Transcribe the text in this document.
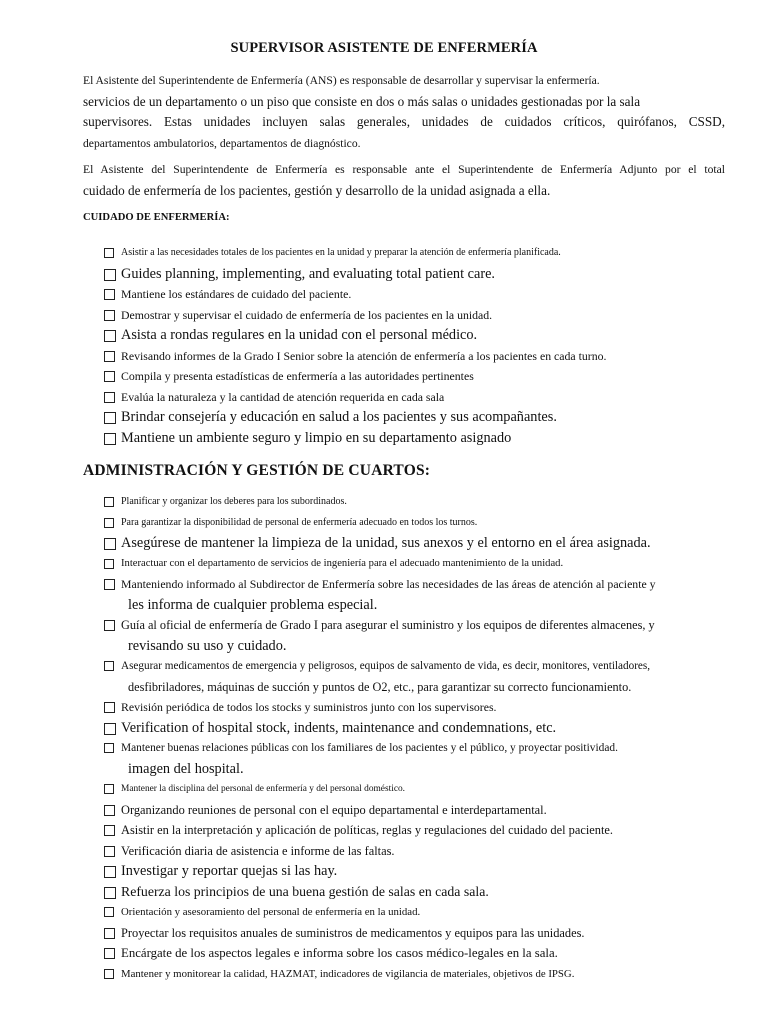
SUPERVISOR ASISTENTE DE ENFERMERÍA
El Asistente del Superintendente de Enfermería (ANS) es responsable de desarrollar y supervisar la enfermería.
servicios de un departamento o un piso que consiste en dos o más salas o unidades gestionadas por la sala
supervisores. Estas unidades incluyen salas generales, unidades de cuidados críticos, quirófanos, CSSD,
departamentos ambulatorios, departamentos de diagnóstico.
El Asistente del Superintendente de Enfermería es responsable ante el Superintendente de Enfermería Adjunto por el total
cuidado de enfermería de los pacientes, gestión y desarrollo de la unidad asignada a ella.
CUIDADO DE ENFERMERÍA:
Asistir a las necesidades totales de los pacientes en la unidad y preparar la atención de enfermería planificada.
Guides planning, implementing, and evaluating total patient care.
Mantiene los estándares de cuidado del paciente.
Demostrar y supervisar el cuidado de enfermería de los pacientes en la unidad.
Asista a rondas regulares en la unidad con el personal médico.
Revisando informes de la Grado I Senior sobre la atención de enfermería a los pacientes en cada turno.
Compila y presenta estadísticas de enfermería a las autoridades pertinentes
Evalúa la naturaleza y la cantidad de atención requerida en cada sala
Brindar consejería y educación en salud a los pacientes y sus acompañantes.
Mantiene un ambiente seguro y limpio en su departamento asignado
ADMINISTRACIÓN Y GESTIÓN DE CUARTOS:
Planificar y organizar los deberes para los subordinados.
Para garantizar la disponibilidad de personal de enfermería adecuado en todos los turnos.
Asegúrese de mantener la limpieza de la unidad, sus anexos y el entorno en el área asignada.
Interactuar con el departamento de servicios de ingeniería para el adecuado mantenimiento de la unidad.
Manteniendo informado al Subdirector de Enfermería sobre las necesidades de las áreas de atención al paciente y
les informa de cualquier problema especial.
Guía al oficial de enfermería de Grado I para asegurar el suministro y los equipos de diferentes almacenes, y
revisando su uso y cuidado.
Asegurar medicamentos de emergencia y peligrosos, equipos de salvamento de vida, es decir, monitores, ventiladores,
desfibriladores, máquinas de succión y puntos de O2, etc., para garantizar su correcto funcionamiento.
Revisión periódica de todos los stocks y suministros junto con los supervisores.
Verification of hospital stock, indents, maintenance and condemnations, etc.
Mantener buenas relaciones públicas con los familiares de los pacientes y el público, y proyectar positividad.
imagen del hospital.
Mantener la disciplina del personal de enfermería y del personal doméstico.
Organizando reuniones de personal con el equipo departamental e interdepartamental.
Asistir en la interpretación y aplicación de políticas, reglas y regulaciones del cuidado del paciente.
Verificación diaria de asistencia e informe de las faltas.
Investigar y reportar quejas si las hay.
Refuerza los principios de una buena gestión de salas en cada sala.
Orientación y asesoramiento del personal de enfermería en la unidad.
Proyectar los requisitos anuales de suministros de medicamentos y equipos para las unidades.
Encárgate de los aspectos legales e informa sobre los casos médico-legales en la sala.
Mantener y monitorear la calidad, HAZMAT, indicadores de vigilancia de materiales, objetivos de IPSG.
